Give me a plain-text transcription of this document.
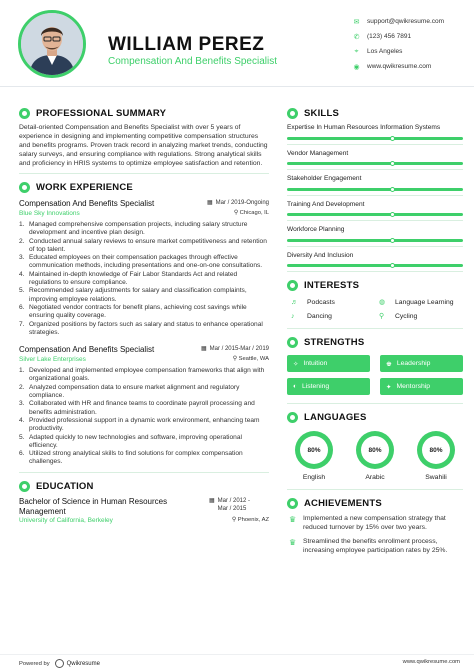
WILLIAM PEREZ
Compensation And Benefits Specialist
✉ support@qwikresume.com
✆ (123) 456 7891
⌖	Los Angeles
◉ www.qwikresume.com
PROFESSIONAL SUMMARY
Detail-oriented Compensation and Benefits Specialist with over 5 years of experience in designing and implementing competitive compensation structures and benefits programs. Proven track record in analyzing market trends, conducting salary surveys, and ensuring compliance with regulations. Strong analytical skills and proficiency in HRIS systems to optimize employee satisfaction and retention.
WORK EXPERIENCE
Compensation And Benefits Specialist	▦ Mar / 2019-Ongoing
Blue Sky Innovations	⚲ Chicago, IL
1. Managed comprehensive compensation projects, including salary structure development and incentive plan design.
2. Conducted annual salary reviews to ensure market competitiveness and retention of top talent.
3. Educated employees on their compensation packages through effective communication methods, including presentations and one-on-one consultations.
4. Maintained in-depth knowledge of Fair Labor Standards Act and related regulations to ensure compliance.
5. Recommended salary adjustments for salary and classification complaints, improving employee relations.
6. Negotiated vendor contracts for benefit plans, achieving cost savings while ensuring quality coverage.
7. Organized positions by factors such as salary and status to enhance operational strategies.
Compensation And Benefits Specialist	▦ Mar / 2015-Mar / 2019
Silver Lake Enterprises	⚲ Seattle, WA
1. Developed and implemented employee compensation frameworks that align with organizational goals.
2. Analyzed compensation data to ensure market alignment and regulatory compliance.
3. Collaborated with HR and finance teams to coordinate payroll processing and benefits administration.
4. Provided professional support in a dynamic work environment, enhancing team productivity.
5. Adapted quickly to new technologies and software, improving operational efficiency.
6. Utilized strong analytical skills to find solutions for complex compensation challenges.
EDUCATION
Bachelor of Science in Human Resources Management
▦ Mar / 2012 -
Mar / 2015
University of California, Berkeley	⚲ Phoenix, AZ
SKILLS
Expertise In Human Resources Information Systems
Vendor Management
Stakeholder Engagement
Training And Development
Workforce Planning
Diversity And Inclusion
INTERESTS
♬	Podcasts	◍	Language Learning
♪	Dancing	⚲	Cycling
STRENGTHS
✧ Intuition	♚ Leadership
◐ Listening	✦ Mentorship
LANGUAGES
80%
English
80%
Arabic
80%
Swahili
ACHIEVEMENTS
♛	Implemented a new compensation strategy that reduced turnover by 15% over two years.
♛	Streamlined the benefits enrollment process, increasing employee participation rates by 25%.
Powered by	Qwikresume	www.qwikresume.com
